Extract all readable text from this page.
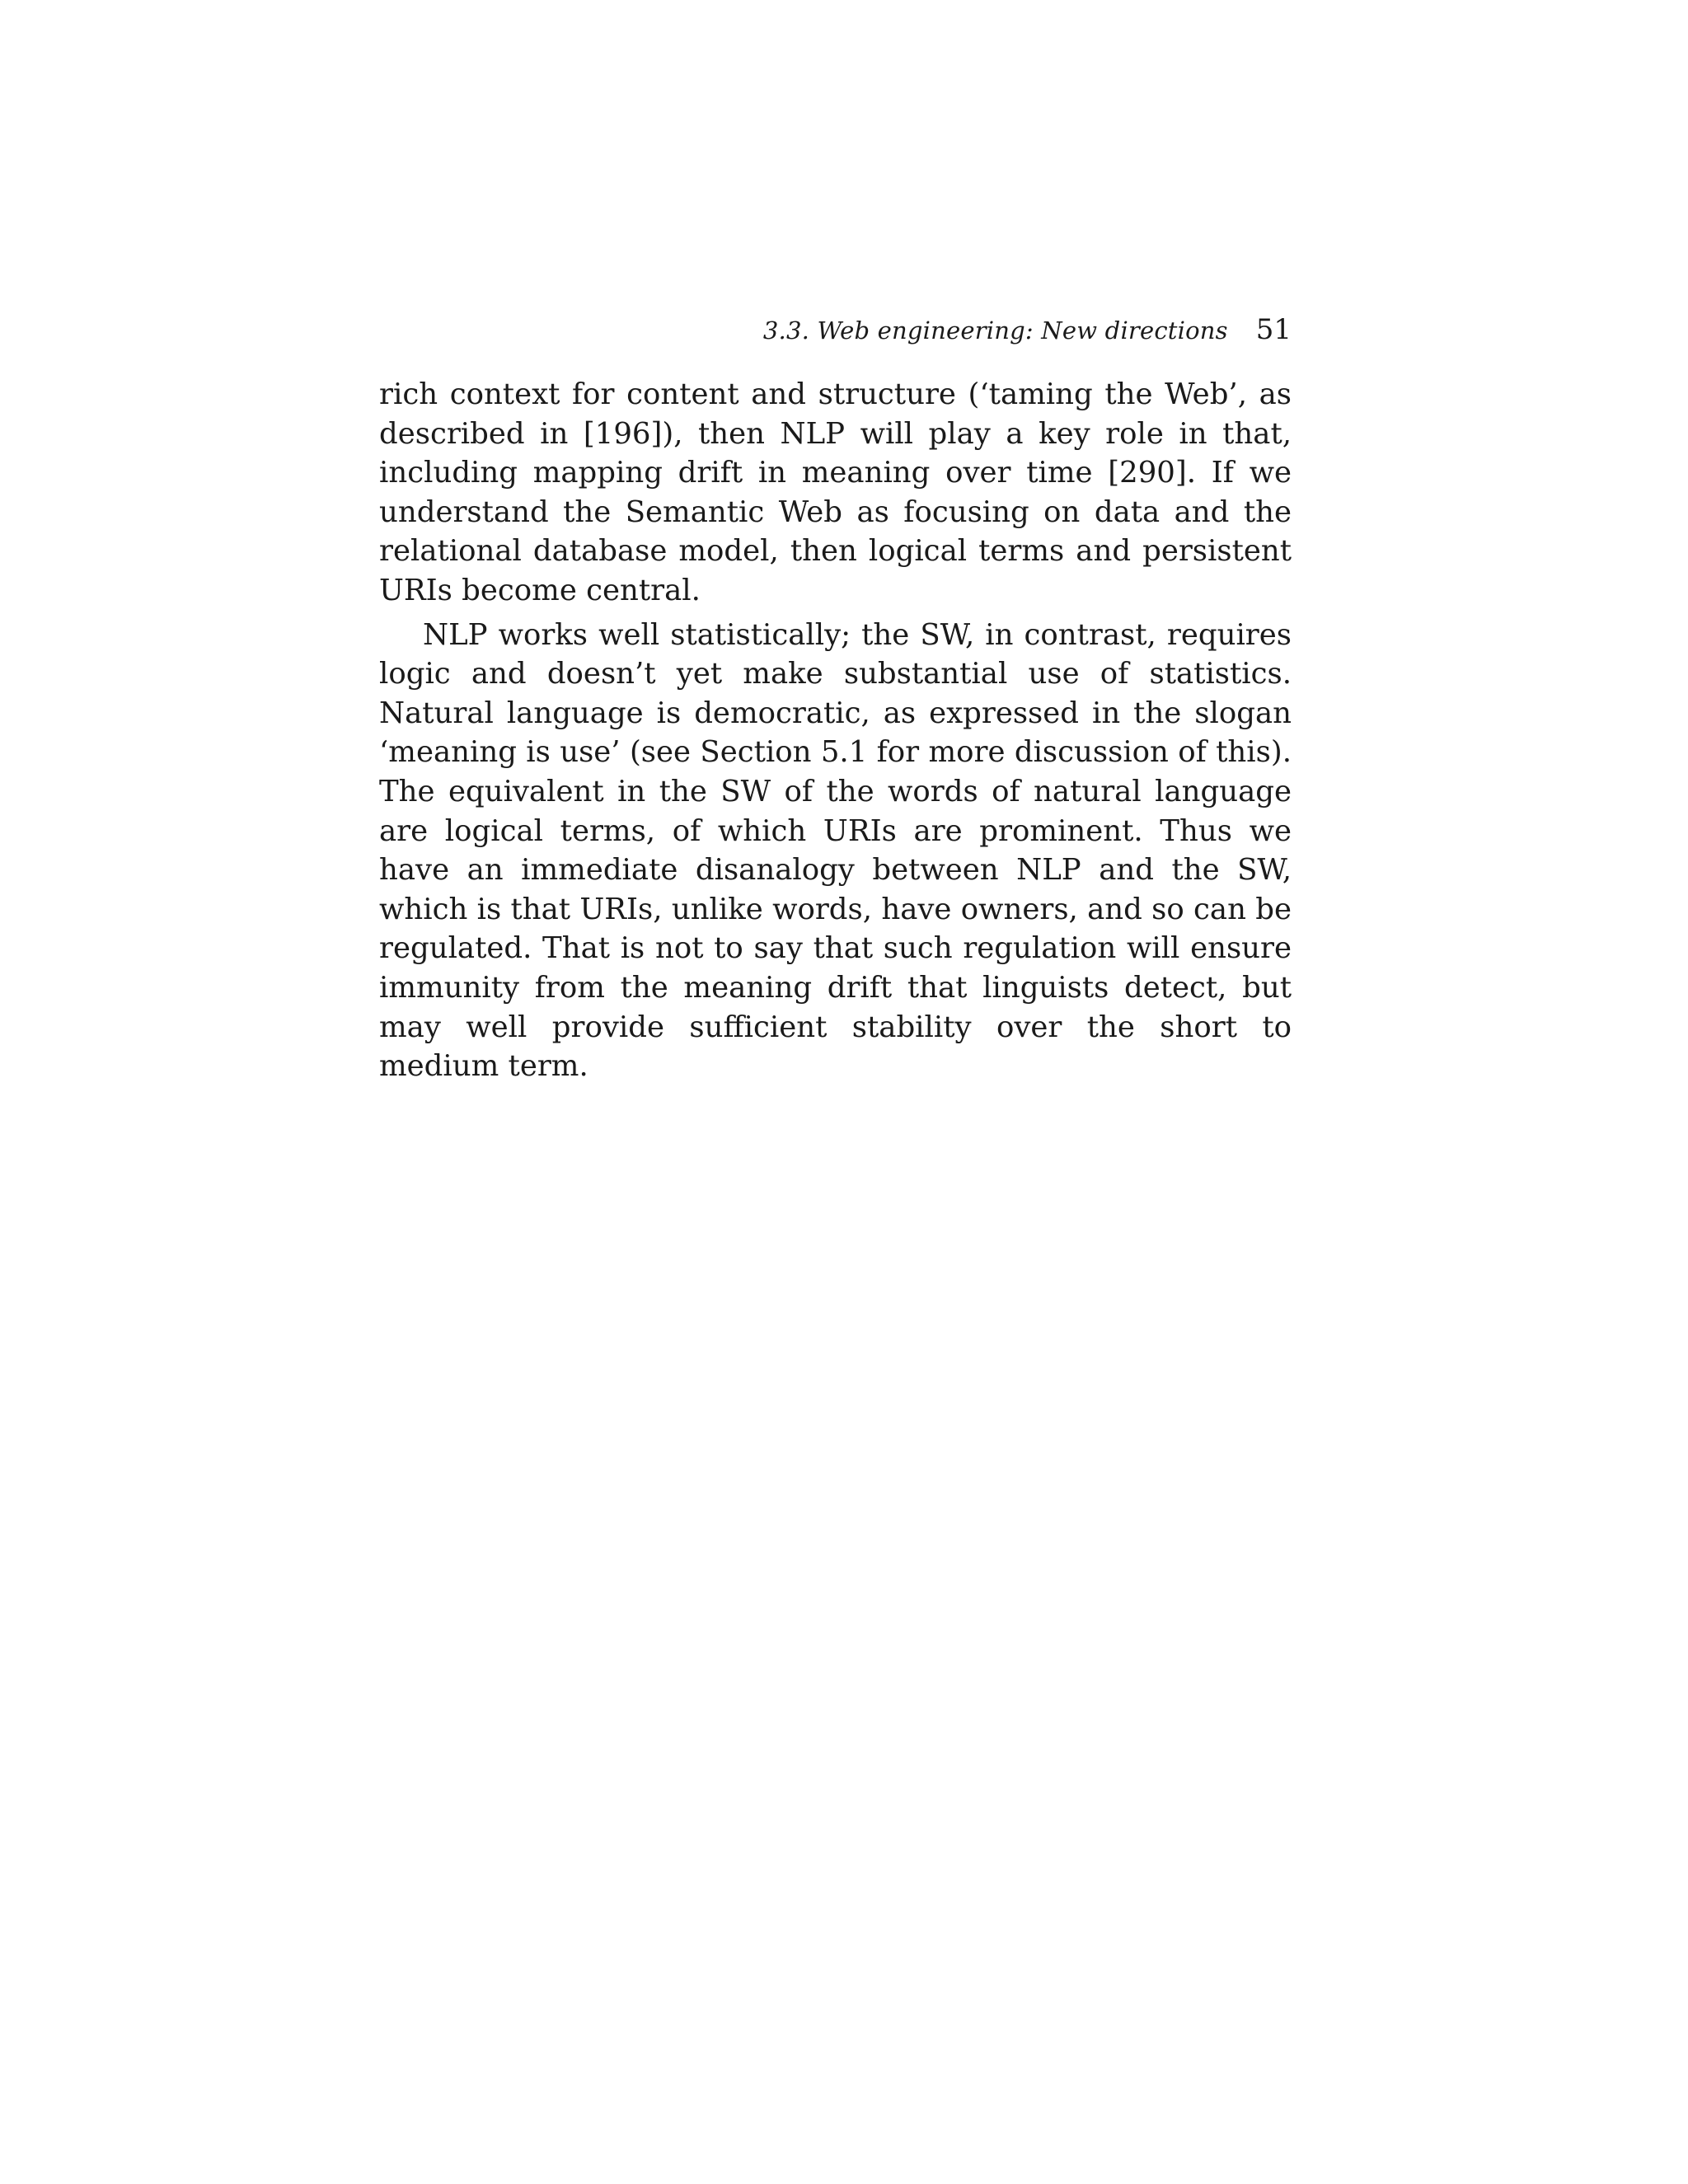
3.3. Web engineering: New directions 51

rich context for content and structure (‘taming the Web’, as described in [196]), then NLP will play a key role in that, including mapping drift in meaning over time [290]. If we understand the Semantic Web as focusing on data and the relational database model, then logical terms and persistent URIs become central.

NLP works well statistically; the SW, in contrast, requires logic and doesn’t yet make substantial use of statistics. Natural language is democratic, as expressed in the slogan ‘meaning is use’ (see Section 5.1 for more discussion of this). The equivalent in the SW of the words of natural language are logical terms, of which URIs are prominent. Thus we have an immediate disanalogy between NLP and the SW, which is that URIs, unlike words, have owners, and so can be regulated. That is not to say that such regulation will ensure immunity from the meaning drift that linguists detect, but may well provide sufficient stability over the short to medium term.
